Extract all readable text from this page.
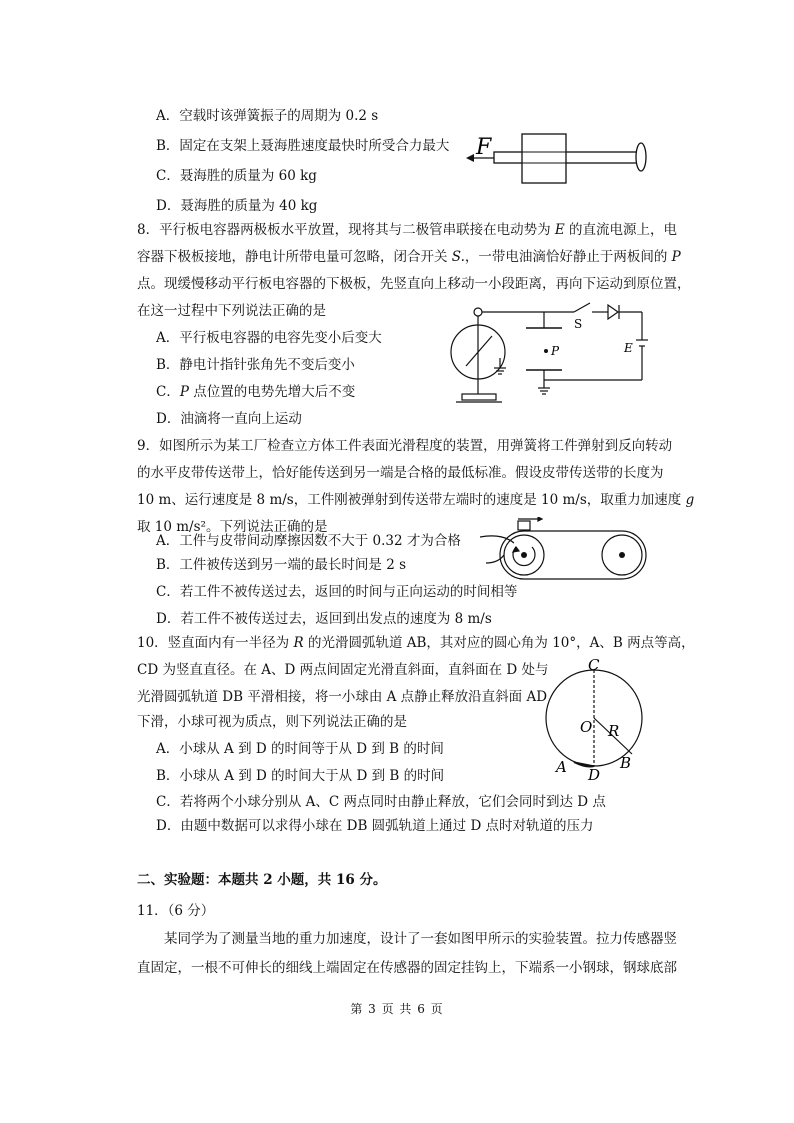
A．空载时该弹簧振子的周期为 0.2 s
B．固定在支架上聂海胜速度最快时所受合力最大
C．聂海胜的质量为 60 kg
D．聂海胜的质量为 40 kg
F
8．平行板电容器两极板水平放置，现将其与二极管串联接在电动势为 E 的直流电源上，电
容器下极板接地，静电计所带电量可忽略，闭合开关 S.，一带电油滴恰好静止于两板间的 P
点。现缓慢移动平行板电容器的下极板，先竖直向上移动一小段距离，再向下运动到原位置，
在这一过程中下列说法正确的是
A．平行板电容器的电容先变小后变大
B．静电计指针张角先不变后变小
C．P 点位置的电势先增大后不变
D．油滴将一直向上运动
S
P	E
9．如图所示为某工厂检查立方体工件表面光滑程度的装置，用弹簧将工件弹射到反向转动
的水平皮带传送带上，恰好能传送到另一端是合格的最低标准。假设皮带传送带的长度为
10 m、运行速度是 8 m/s，工件刚被弹射到传送带左端时的速度是 10 m/s，取重力加速度 g
取 10 m/s²。下列说法正确的是
A．工件与皮带间动摩擦因数不大于 0.32 才为合格
B．工件被传送到另一端的最长时间是 2 s
C．若工件不被传送过去，返回的时间与正向运动的时间相等
D．若工件不被传送过去，返回到出发点的速度为 8 m/s
10．竖直面内有一半径为 R 的光滑圆弧轨道 AB，其对应的圆心角为 10°，A、B 两点等高，
CD 为竖直直径。在 A、D 两点间固定光滑直斜面，直斜面在 D 处与
光滑圆弧轨道 DB 平滑相接，将一小球由 A 点静止释放沿直斜面 AD
下滑，小球可视为质点，则下列说法正确的是
A．小球从 A 到 D 的时间等于从 D 到 B 的时间
B．小球从 A 到 D 的时间大于从 D 到 B 的时间
C．若将两个小球分别从 A、C 两点同时由静止释放，它们会同时到达 D 点
D．由题中数据可以求得小球在 DB 圆弧轨道上通过 D 点时对轨道的压力
C
O R
A D
B
二、实验题：本题共 2 小题，共 16 分。
11．（6 分）
某同学为了测量当地的重力加速度，设计了一套如图甲所示的实验装置。拉力传感器竖
直固定，一根不可伸长的细线上端固定在传感器的固定挂钩上，下端系一小钢球，钢球底部
第 3 页 共 6 页
